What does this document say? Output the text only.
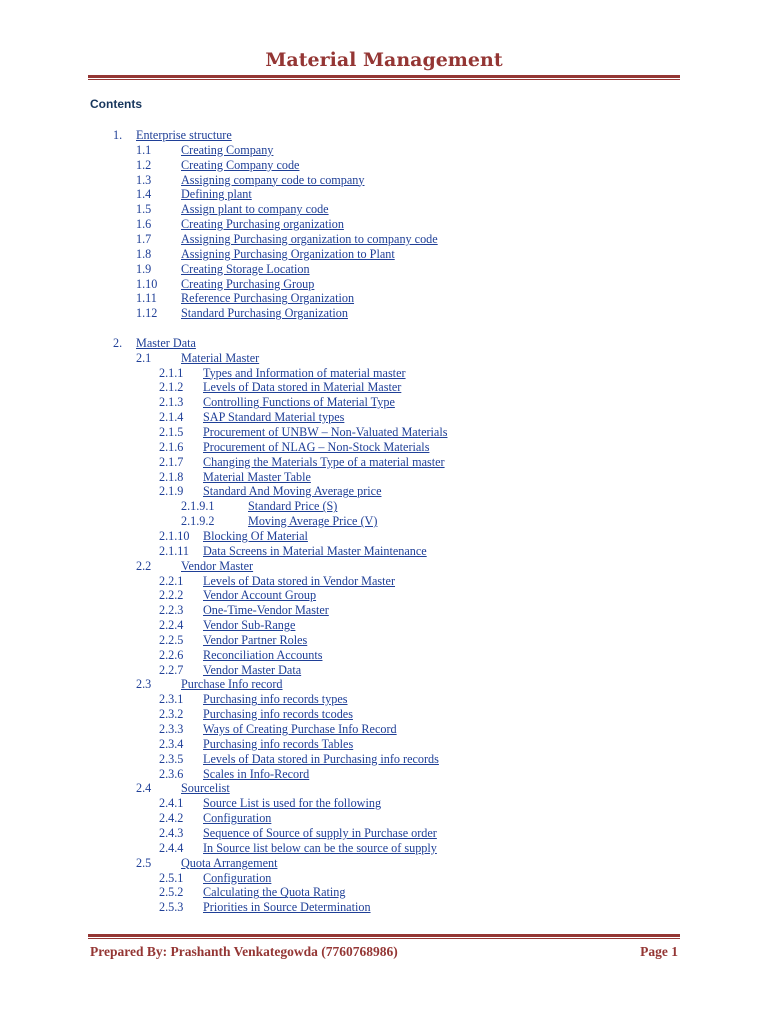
Material Management
Contents
1. Enterprise structure
1.1 Creating Company
1.2 Creating Company code
1.3 Assigning company code to company
1.4 Defining plant
1.5 Assign plant to company code
1.6 Creating Purchasing organization
1.7 Assigning Purchasing organization to company code
1.8 Assigning Purchasing Organization to Plant
1.9 Creating Storage Location
1.10 Creating Purchasing Group
1.11 Reference Purchasing Organization
1.12 Standard Purchasing Organization
2. Master Data
2.1 Material Master
2.1.1 Types and Information of material master
2.1.2 Levels of Data stored in Material Master
2.1.3 Controlling Functions of Material Type
2.1.4 SAP Standard Material types
2.1.5 Procurement of UNBW – Non-Valuated Materials
2.1.6 Procurement of NLAG – Non-Stock Materials
2.1.7 Changing the Materials Type of a material master
2.1.8 Material Master Table
2.1.9 Standard And Moving Average price
2.1.9.1	Standard Price (S)
2.1.9.2	Moving Average Price (V)
2.1.10 Blocking Of Material
2.1.11 Data Screens in Material Master Maintenance
2.2 Vendor Master
2.2.1 Levels of Data stored in Vendor Master
2.2.2 Vendor Account Group
2.2.3 One-Time-Vendor Master
2.2.4 Vendor Sub-Range
2.2.5 Vendor Partner Roles
2.2.6 Reconciliation Accounts
2.2.7 Vendor Master Data
2.3 Purchase Info record
2.3.1 Purchasing info records types
2.3.2 Purchasing info records tcodes
2.3.3 Ways of Creating Purchase Info Record
2.3.4 Purchasing info records Tables
2.3.5 Levels of Data stored in Purchasing info records
2.3.6 Scales in Info-Record
2.4 Sourcelist
2.4.1 Source List is used for the following
2.4.2 Configuration
2.4.3 Sequence of Source of supply in Purchase order
2.4.4 In Source list below can be the source of supply
2.5 Quota Arrangement
2.5.1 Configuration
2.5.2 Calculating the Quota Rating
2.5.3 Priorities in Source Determination
Prepared By: Prashanth Venkategowda (7760768986)	Page 1
